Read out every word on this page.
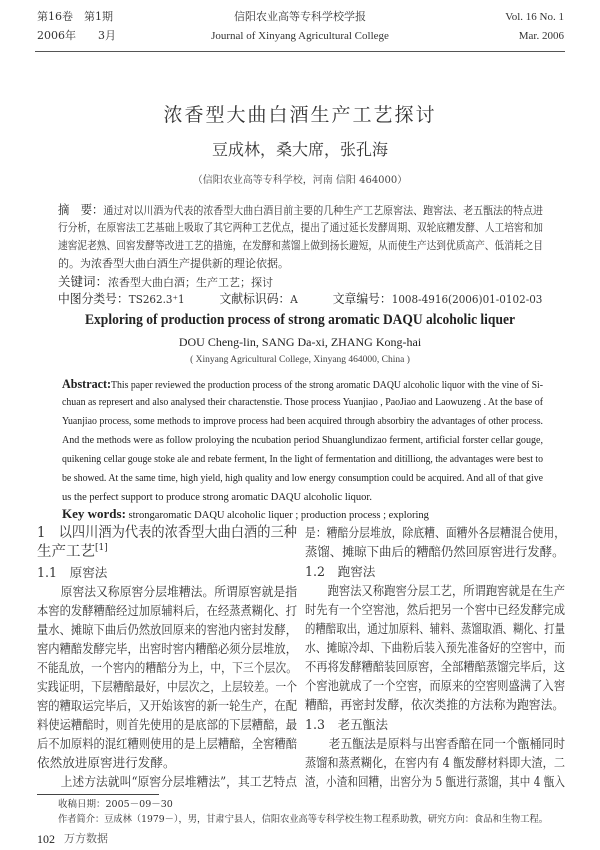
第16卷　第1期
2006年　　3月
信阳农业高等专科学校学报
Journal of Xinyang Agricultural College
Vol. 16 No. 1
Mar. 2006
浓香型大曲白酒生产工艺探讨
豆成林，桑大席，张孔海
（信阳农业高等专科学校，河南 信阳 464000）
摘　要：通过对以川酒为代表的浓香型大曲白酒目前主要的几种生产工艺原窖法、跑窖法、老五甑法的特点进
行分析，在原窖法工艺基础上吸取了其它两种工艺优点，提出了通过延长发酵周期、双轮底糟发酵、人工培窖和加
速窖泥老熟、回窖发酵等改进工艺的措施，在发酵和蒸馏上做到扬长避短，从而使生产达到优质高产、低消耗之目
的。为浓香型大曲白酒生产提供新的理论依据。
关键词：浓香型大曲白酒；生产工艺；探讨
中图分类号：TS262.3⁺1	文献标识码：A	文章编号：1008-4916(2006)01-0102-03
Exploring of production process of strong aromatic DAQU alcoholic liquer
DOU Cheng-lin, SANG Da-xi, ZHANG Kong-hai
( Xinyang Agricultural College, Xinyang 464000, China )
Abstract:This paper reviewed the production process of the strong aromatic DAQU alcoholic liquor with the vine of Si-
chuan as represert and also analysed their charactenstie. Those process Yuanjiao , PaoJiao and Laowuzeng . At the base of
Yuanjiao process, some methods to improve process had been acquired through absorbiry the advantages of other process.
And the methods were as follow proloying the ncubation period Shuanglundizao ferment, artificial forster cellar gouge,
quikening cellar gouge stoke ale and rebate ferment, In the light of fermentation and ditilliong, the advantages were best to
be showed. At the same time, high yield, high quality and low energy consumption could be acquired. And all of that give
us the perfect support to produce strong aromatic DAQU alcoholic liquor.
Key words: strongaromatic DAQU alcoholic liquer ; production process ; exploring
1　以四川酒为代表的浓香型大曲白酒的三种
生产工艺[1]
1.1　原窖法
　　原窖法又称原窖分层堆糟法。所谓原窖就是指
本窖的发酵糟醅经过加原辅料后，在经蒸煮糊化、打
量水、摊晾下曲后仍然放回原来的窖池内密封发酵，
窖内糟醅发酵完毕，出窖时窖内糟醅必须分层堆放，
不能乱放，一个窖内的糟醅分为上，中，下三个层次。
实践证明，下层糟醅最好，中层次之，上层较差。一个
窖的糟取运完毕后，又开始该窖的新一轮生产，在配
料使运糟醅时，则首先使用的是底部的下层糟醅，最
后不加原料的混红糟则使用的是上层糟醅，全窖糟醅
依然放进原窖进行发酵。
　　上述方法就叫“原窖分层堆糟法”，其工艺特点
是：糟醅分层堆放，除底糟、面糟外各层糟混合使用，
蒸馏、摊晾下曲后的糟醅仍然回原窖进行发酵。
1.2　跑窖法
　　跑窖法又称跑窖分层工艺，所谓跑窖就是在生产
时先有一个空窖池，然后把另一个窖中已经发酵完成
的糟醅取出，通过加原料、辅料、蒸馏取酒、糊化、打量
水、摊晾冷却、下曲粉后装入预先准备好的空窖中，而
不再将发酵糟醅装回原窖，全部糟醅蒸馏完毕后，这
个窖池就成了一个空窖，而原来的空窖则盛满了入窖
糟醅，再密封发酵，依次类推的方法称为跑窖法。
1.3　老五甑法
　　老五甑法是原料与出窖香醅在同一个甑桶同时
蒸馏和蒸煮糊化，在窖内有 4 甑发酵材料即大渣，二
渣，小渣和回糟，出窖分为 5 甑进行蒸馏，其中 4 甑入
收稿日期：2005－09－30
作者简介：豆成林（1979－），男，甘肃宁县人，信阳农业高等专科学校生物工程系助教，研究方向：食品和生物工程。
102 万方数据
